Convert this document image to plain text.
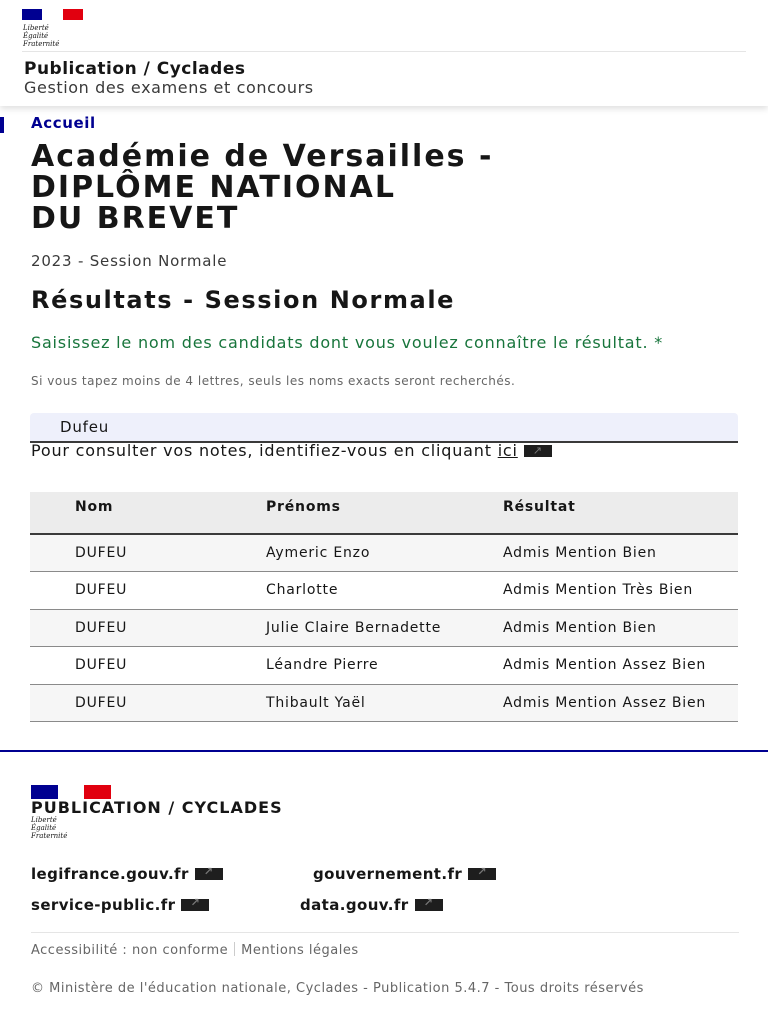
Liberté
Égalité
Fraternité
Publication / Cyclades
Gestion des examens et concours
Accueil
Académie de Versailles -
DIPLÔME NATIONAL
DU BREVET
2023 - Session Normale
Résultats - Session Normale
Saisissez le nom des candidats dont vous voulez connaître le résultat. *
Si vous tapez moins de 4 lettres, seuls les noms exacts seront recherchés.
Dufeu
Pour consulter vos notes, identifiez-vous en cliquant ici↗
Nom	Prénoms	Résultat
DUFEU	Aymeric Enzo	Admis Mention Bien
DUFEU	Charlotte	Admis Mention Très Bien
DUFEU	Julie Claire Bernadette	Admis Mention Bien
DUFEU	Léandre Pierre	Admis Mention Assez Bien
DUFEU	Thibault Yaël	Admis Mention Assez Bien
PUBLICATION / CYCLADES
Liberté
Égalité
Fraternité
legifrance.gouv.fr ↗	gouvernement.fr↗
service-public.fr ↗	data.gouv.fr↗
Accessibilité : non conforme Mentions légales
© Ministère de l'éducation nationale, Cyclades - Publication 5.4.7 - Tous droits réservés
